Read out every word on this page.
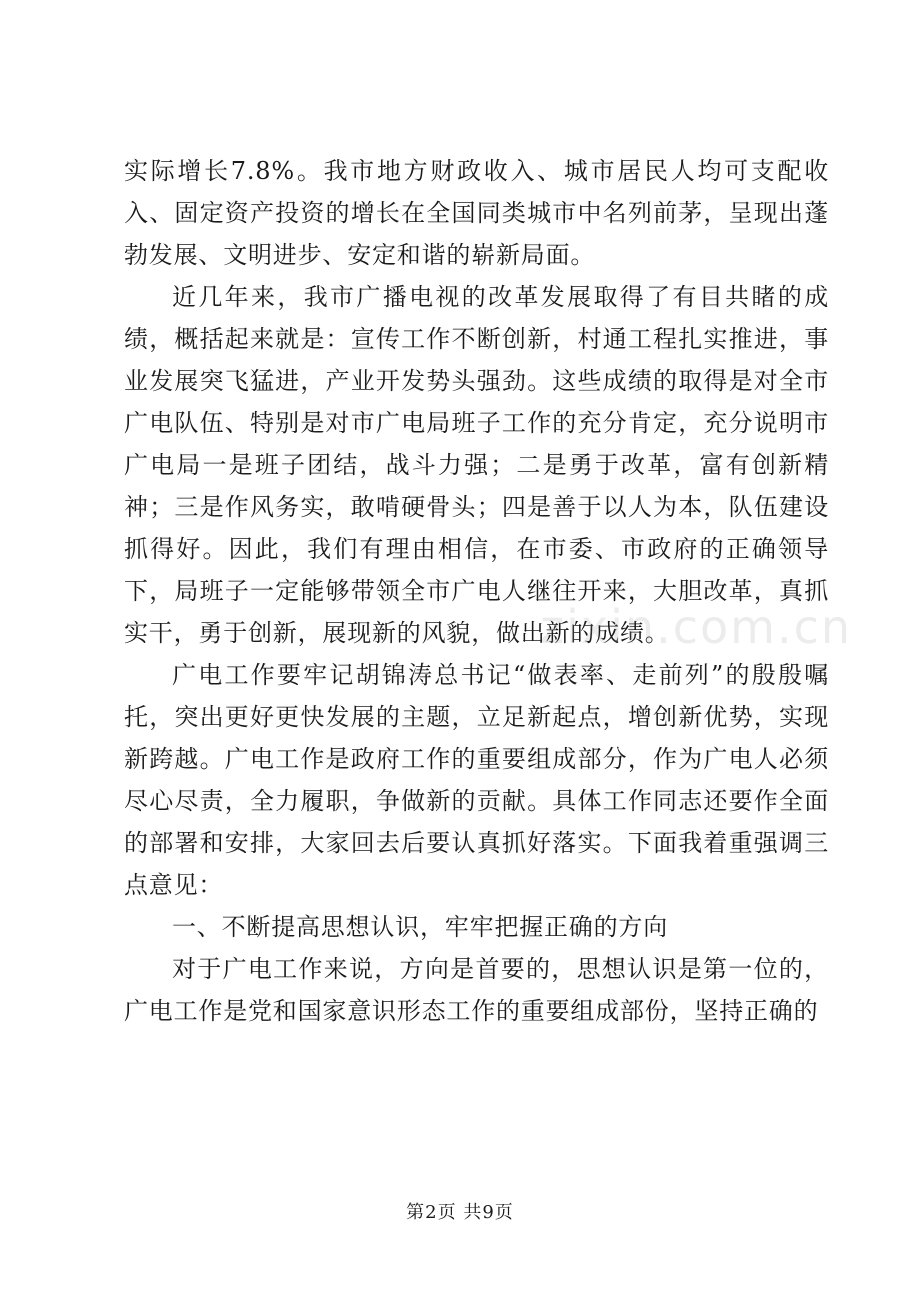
实际增长7.8%。我市地方财政收入、城市居民人均可支配收入、固定资产投资的增长在全国同类城市中名列前茅，呈现出蓬勃发展、文明进步、安定和谐的崭新局面。

近几年来，我市广播电视的改革发展取得了有目共睹的成绩，概括起来就是：宣传工作不断创新，村通工程扎实推进，事业发展突飞猛进，产业开发势头强劲。这些成绩的取得是对全市广电队伍、特别是对市广电局班子工作的充分肯定，充分说明市广电局一是班子团结，战斗力强；二是勇于改革，富有创新精神；三是作风务实，敢啃硬骨头；四是善于以人为本，队伍建设抓得好。因此，我们有理由相信，在市委、市政府的正确领导下，局班子一定能够带领全市广电人继往开来，大胆改革，真抓实干，勇于创新，展现新的风貌，做出新的成绩。

广电工作要牢记胡锦涛总书记“做表率、走前列”的殷殷嘱托，突出更好更快发展的主题，立足新起点，增创新优势，实现新跨越。广电工作是政府工作的重要组成部分，作为广电人必须尽心尽责，全力履职，争做新的贡献。具体工作同志还要作全面的部署和安排，大家回去后要认真抓好落实。下面我着重强调三点意见：

一、不断提高思想认识，牢牢把握正确的方向

对于广电工作来说，方向是首要的，思想认识是第一位的，广电工作是党和国家意识形态工作的重要组成部份，坚持正确的

zixin.com.cn
第2页 共9页
